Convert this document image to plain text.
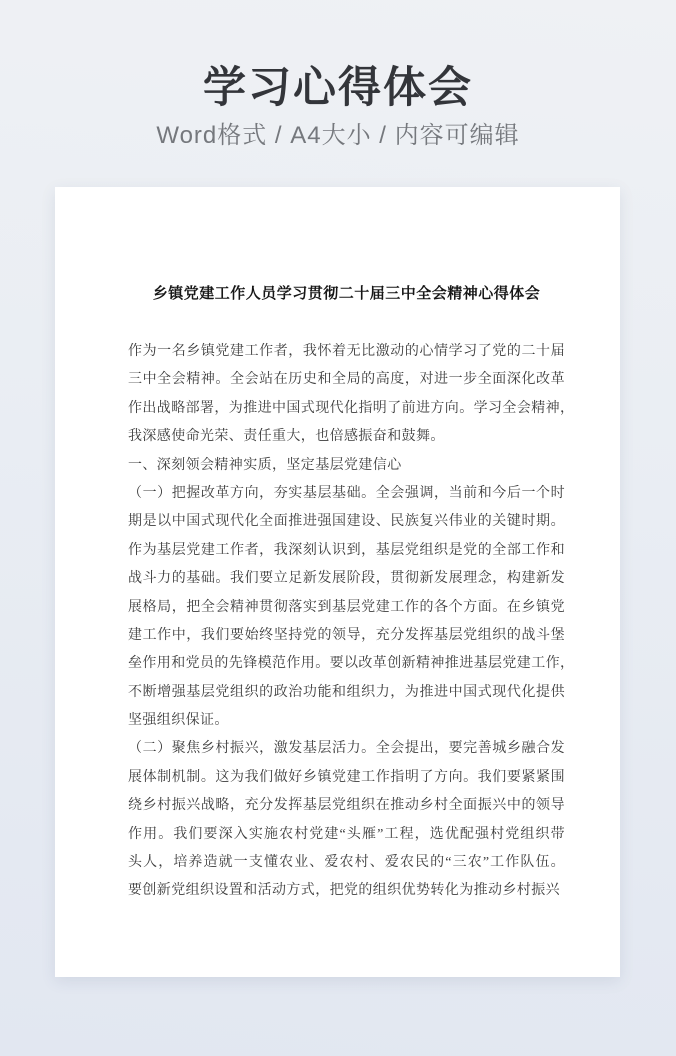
学习心得体会
Word格式 / A4大小 / 内容可编辑
乡镇党建工作人员学习贯彻二十届三中全会精神心得体会
作为一名乡镇党建工作者，我怀着无比激动的心情学习了党的二十届
三中全会精神。全会站在历史和全局的高度，对进一步全面深化改革
作出战略部署，为推进中国式现代化指明了前进方向。学习全会精神，
我深感使命光荣、责任重大，也倍感振奋和鼓舞。
一、深刻领会精神实质，坚定基层党建信心
（一）把握改革方向，夯实基层基础。全会强调，当前和今后一个时
期是以中国式现代化全面推进强国建设、民族复兴伟业的关键时期。
作为基层党建工作者，我深刻认识到，基层党组织是党的全部工作和
战斗力的基础。我们要立足新发展阶段，贯彻新发展理念，构建新发
展格局，把全会精神贯彻落实到基层党建工作的各个方面。在乡镇党
建工作中，我们要始终坚持党的领导，充分发挥基层党组织的战斗堡
垒作用和党员的先锋模范作用。要以改革创新精神推进基层党建工作，
不断增强基层党组织的政治功能和组织力，为推进中国式现代化提供
坚强组织保证。
（二）聚焦乡村振兴，激发基层活力。全会提出，要完善城乡融合发
展体制机制。这为我们做好乡镇党建工作指明了方向。我们要紧紧围
绕乡村振兴战略，充分发挥基层党组织在推动乡村全面振兴中的领导
作用。我们要深入实施农村党建“头雁”工程，选优配强村党组织带
头人，培养造就一支懂农业、爱农村、爱农民的“三农”工作队伍。
要创新党组织设置和活动方式，把党的组织优势转化为推动乡村振兴
